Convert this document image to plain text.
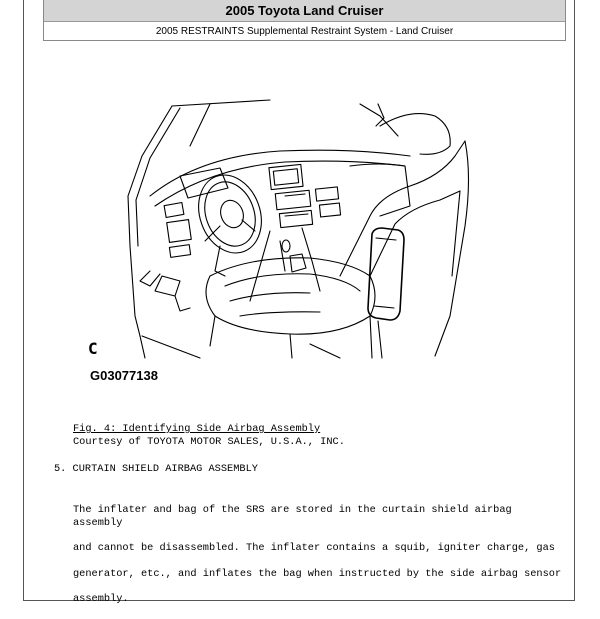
2005 Toyota Land Cruiser
2005 RESTRAINTS Supplemental Restraint System - Land Cruiser
C
G03077138
Fig. 4: Identifying Side Airbag Assembly
Courtesy of TOYOTA MOTOR SALES, U.S.A., INC.
5. CURTAIN SHIELD AIRBAG ASSEMBLY

The inflater and bag of the SRS are stored in the curtain shield airbag assembly

and cannot be disassembled. The inflater contains a squib, igniter charge, gas

generator, etc., and inflates the bag when instructed by the side airbag sensor

assembly.
